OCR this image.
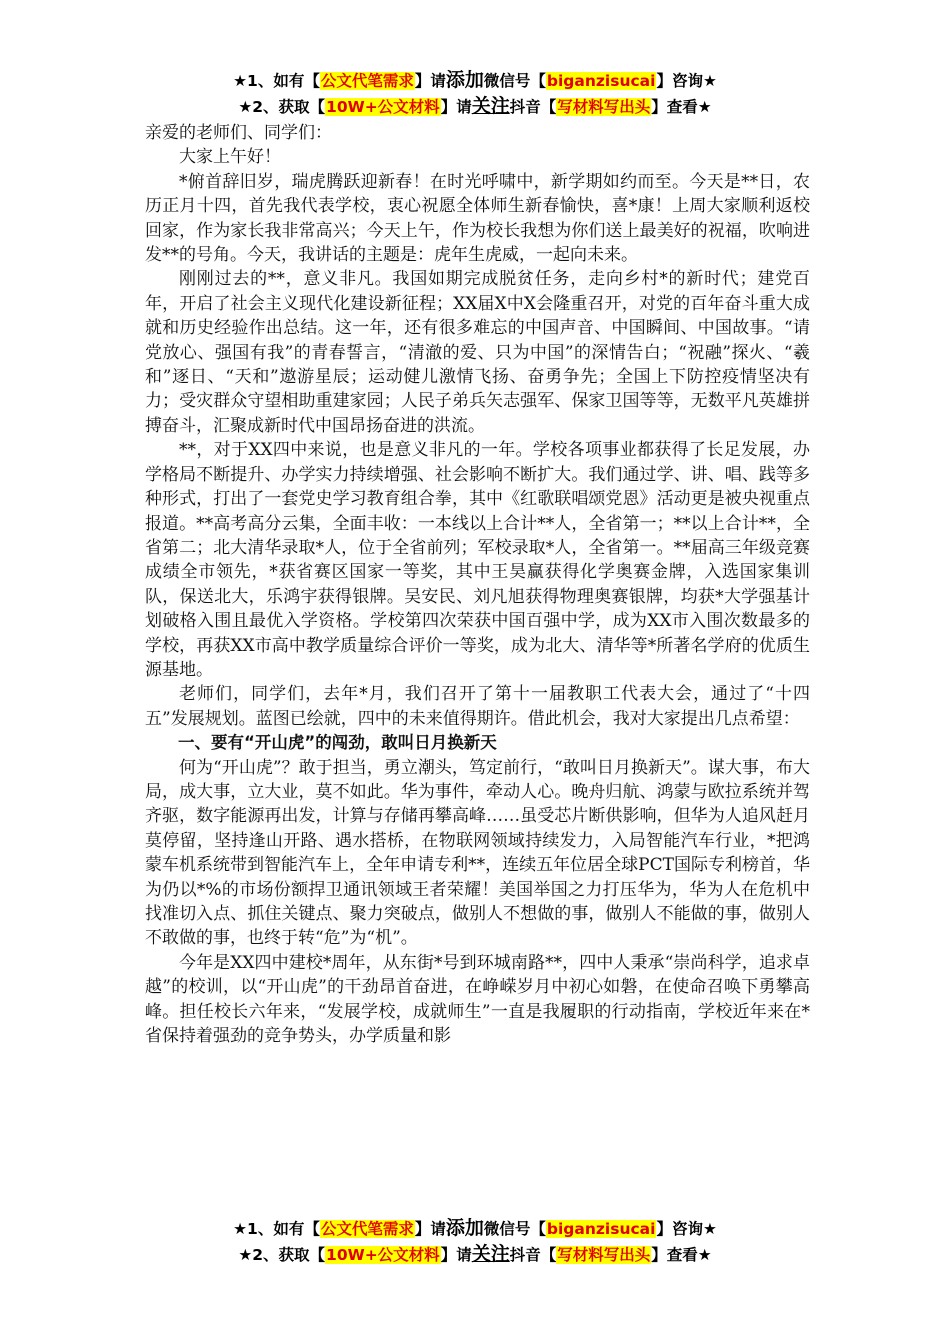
★1、如有【公文代笔需求】请添加微信号【biganzisucai】咨询★
★2、获取【10W+公文材料】请关注抖音【写材料写出头】查看★

亲爱的老师们、同学们：

大家上午好！

*俯首辞旧岁，瑞虎腾跃迎新春！在时光呼啸中，新学期如约而至。今天是**日，农历正月十四，首先我代表学校，衷心祝愿全体师生新春愉快，喜*康！上周大家顺利返校回家，作为家长我非常高兴；今天上午，作为校长我想为你们送上最美好的祝福，吹响进发**的号角。今天，我讲话的主题是：虎年生虎威，一起向未来。

刚刚过去的**，意义非凡。我国如期完成脱贫任务，走向乡村*的新时代；建党百年，开启了社会主义现代化建设新征程；XX届X中X会隆重召开，对党的百年奋斗重大成就和历史经验作出总结。这一年，还有很多难忘的中国声音、中国瞬间、中国故事。“请党放心、强国有我”的青春誓言，“清澈的爱、只为中国”的深情告白；“祝融”探火、“羲和”逐日、“天和”遨游星辰；运动健儿激情飞扬、奋勇争先；全国上下防控疫情坚决有力；受灾群众守望相助重建家园；人民子弟兵矢志强军、保家卫国等等，无数平凡英雄拼搏奋斗，汇聚成新时代中国昂扬奋进的洪流。

**，对于XX四中来说，也是意义非凡的一年。学校各项事业都获得了长足发展，办学格局不断提升、办学实力持续增强、社会影响不断扩大。我们通过学、讲、唱、践等多种形式，打出了一套党史学习教育组合拳，其中《红歌联唱颂党恩》活动更是被央视重点报道。**高考高分云集，全面丰收：一本线以上合计**人，全省第一；**以上合计**，全省第二；北大清华录取*人，位于全省前列；军校录取*人，全省第一。**届高三年级竞赛成绩全市领先，*获省赛区国家一等奖，其中王昊赢获得化学奥赛金牌，入选国家集训队，保送北大，乐鸿宇获得银牌。吴安民、刘凡旭获得物理奥赛银牌，均获*大学强基计划破格入围且最优入学资格。学校第四次荣获中国百强中学，成为XX市入围次数最多的学校，再获XX市高中教学质量综合评价一等奖，成为北大、清华等*所著名学府的优质生源基地。

老师们，同学们，去年*月，我们召开了第十一届教职工代表大会，通过了“十四五”发展规划。蓝图已绘就，四中的未来值得期许。借此机会，我对大家提出几点希望：

一、要有“开山虎”的闯劲，敢叫日月换新天

何为“开山虎”？敢于担当，勇立潮头，笃定前行，“敢叫日月换新天”。谋大事，布大局，成大事，立大业，莫不如此。华为事件，牵动人心。晚舟归航、鸿蒙与欧拉系统并驾齐驱，数字能源再出发，计算与存储再攀高峰……虽受芯片断供影响，但华为人追风赶月莫停留，坚持逢山开路、遇水搭桥，在物联网领域持续发力，入局智能汽车行业，*把鸿蒙车机系统带到智能汽车上，全年申请专利**，连续五年位居全球PCT国际专利榜首，华为仍以*%的市场份额捍卫通讯领域王者荣耀！美国举国之力打压华为，华为人在危机中找准切入点、抓住关键点、聚力突破点，做别人不想做的事，做别人不能做的事，做别人不敢做的事，也终于转“危”为“机”。

今年是XX四中建校*周年，从东街*号到环城南路**，四中人秉承“崇尚科学，追求卓越”的校训，以“开山虎”的干劲昂首奋进，在峥嵘岁月中初心如磐，在使命召唤下勇攀高峰。担任校长六年来，“发展学校，成就师生”一直是我履职的行动指南，学校近年来在*省保持着强劲的竞争势头，办学质量和影

★1、如有【公文代笔需求】请添加微信号【biganzisucai】咨询★
★2、获取【10W+公文材料】请关注抖音【写材料写出头】查看★
